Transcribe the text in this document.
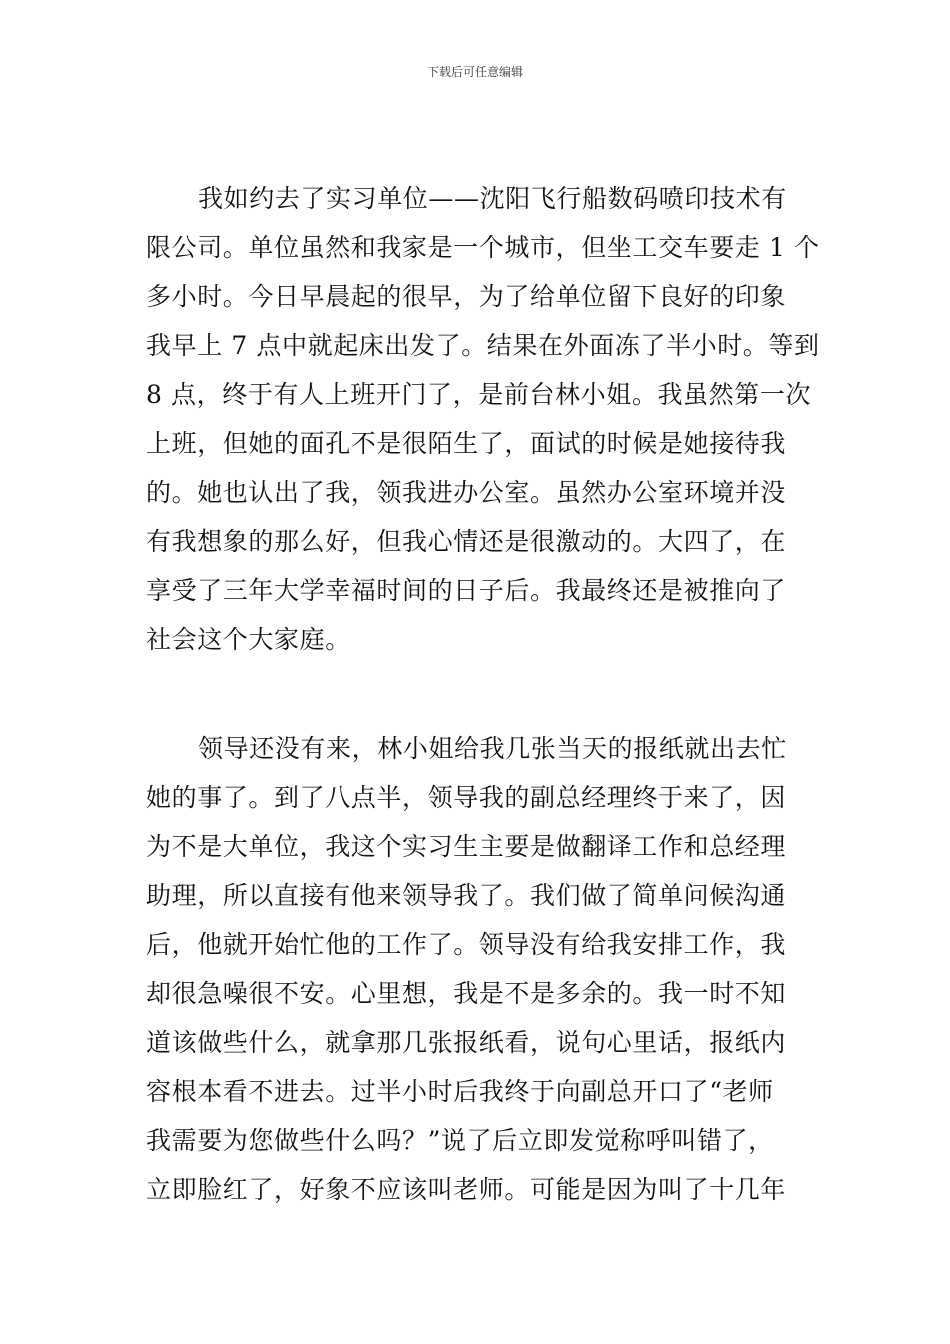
下载后可任意编辑
我如约去了实习单位——沈阳飞行船数码喷印技术有
限公司。单位虽然和我家是一个城市，但坐工交车要走 1 个
多小时。今日早晨起的很早，为了给单位留下良好的印象
我早上 7 点中就起床出发了。结果在外面冻了半小时。等到
8 点，终于有人上班开门了，是前台林小姐。我虽然第一次
上班，但她的面孔不是很陌生了，面试的时候是她接待我
的。她也认出了我，领我进办公室。虽然办公室环境并没
有我想象的那么好，但我心情还是很激动的。大四了，在
享受了三年大学幸福时间的日子后。我最终还是被推向了
社会这个大家庭。
领导还没有来，林小姐给我几张当天的报纸就出去忙
她的事了。到了八点半，领导我的副总经理终于来了，因
为不是大单位，我这个实习生主要是做翻译工作和总经理
助理，所以直接有他来领导我了。我们做了简单问候沟通
后，他就开始忙他的工作了。领导没有给我安排工作，我
却很急噪很不安。心里想，我是不是多余的。我一时不知
道该做些什么，就拿那几张报纸看，说句心里话，报纸内
容根本看不进去。过半小时后我终于向副总开口了“老师
我需要为您做些什么吗？”说了后立即发觉称呼叫错了，
立即脸红了，好象不应该叫老师。可能是因为叫了十几年
